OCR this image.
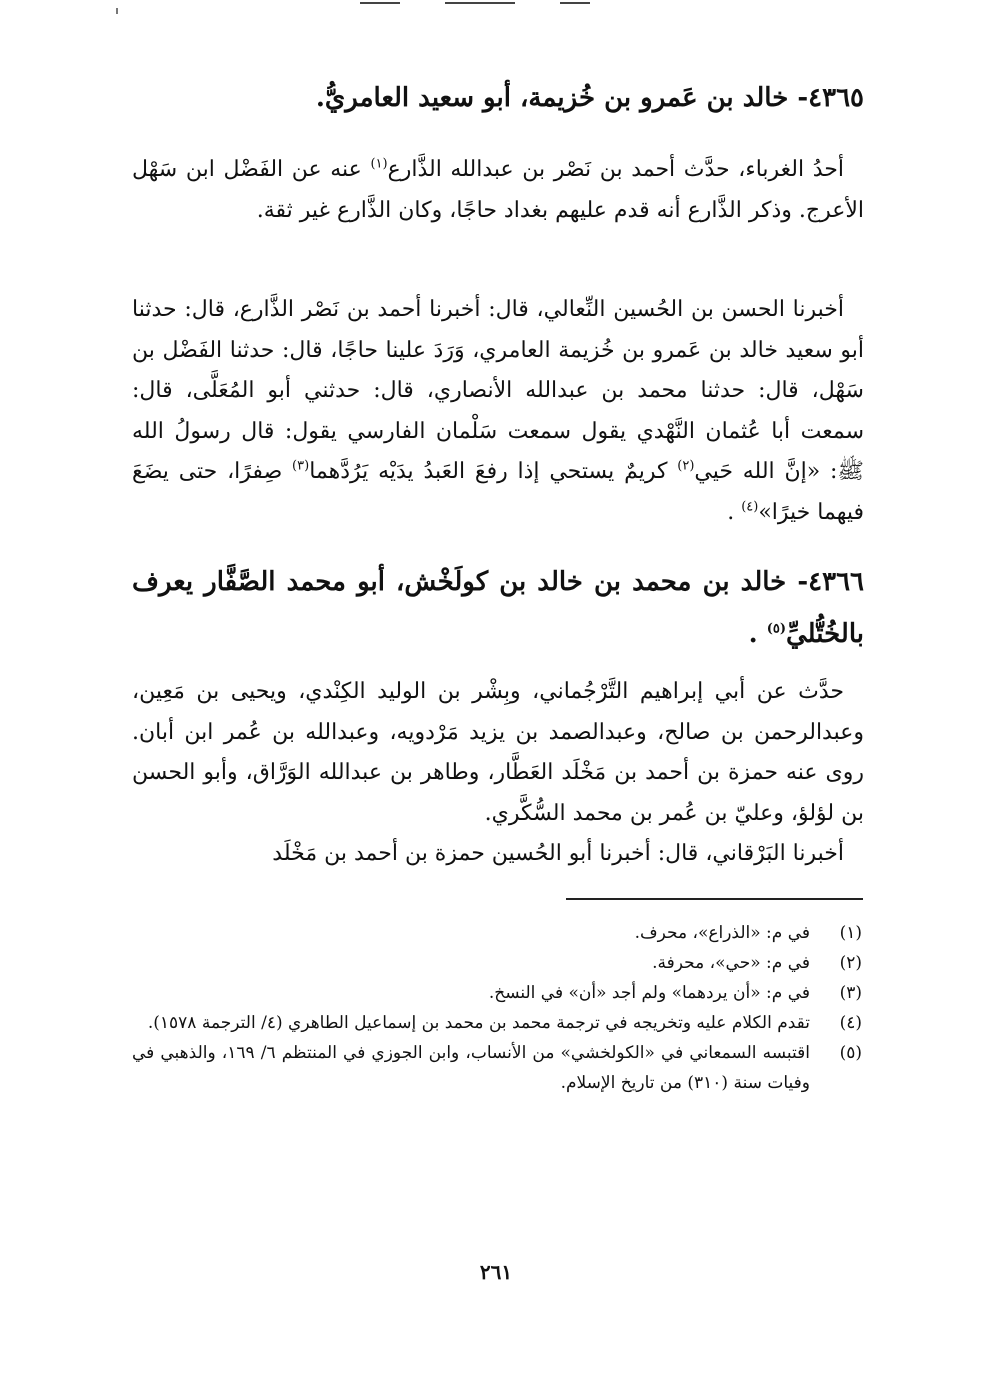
٤٣٦٥- خالد بن عَمرو بن خُزيمة، أبو سعيد العامريُّ.

أحدُ الغرباء، حدَّث أحمد بن نَصْر بن عبدالله الذَّارع$^{(١)}$ عنه عن الفَضْل ابن سَهْل الأعرج. وذكر الذَّارع أنه قدم عليهم بغداد حاجًا، وكان الذَّارع غير ثقة.

أخبرنا الحسن بن الحُسين النِّعالي، قال: أخبرنا أحمد بن نَصْر الذَّارع، قال: حدثنا أبو سعيد خالد بن عَمرو بن خُزيمة العامري، وَرَدَ علينا حاجًا، قال: حدثنا الفَضْل بن سَهْل، قال: حدثنا محمد بن عبدالله الأنصاري، قال: حدثني أبو المُعَلَّى، قال: سمعت أبا عُثمان النَّهْدي يقول سمعت سَلْمان الفارسي يقول: قال رسولُ الله ﷺ: «إنَّ الله حَيي$^{(٢)}$ كريمٌ يستحي إذا رفعَ العَبدُ يدَيْه يَرُدَّهما$^{(٣)}$ صِفرًا، حتى يضَعَ فيهما خيرًا»$^{(٤)}$ .

٤٣٦٦- خالد بن محمد بن خالد بن كولَخْش، أبو محمد الصَّفَّار يعرف بالخُتُّليِّ$^{(٥)}$ .

حدَّث عن أبي إبراهيم التَّرْجُماني، وبِشْر بن الوليد الكِنْدي، ويحيى بن مَعِين، وعبدالرحمن بن صالح، وعبدالصمد بن يزيد مَرْدويه، وعبدالله بن عُمر ابن أبان. روى عنه حمزة بن أحمد بن مَخْلَد العَطَّار، وطاهر بن عبدالله الوَرَّاق، وأبو الحسن بن لؤلؤ، وعليّ بن عُمر بن محمد السُّكَّري.

أخبرنا البَرْقاني، قال: أخبرنا أبو الحُسين حمزة بن أحمد بن مَخْلَد

(١)
في م: «الذراع»، محرف.
(٢)
في م: «حي»، محرفة.
(٣)
في م: «أن يردهما» ولم أجد «أن» في النسخ.
(٤)
تقدم الكلام عليه وتخريجه في ترجمة محمد بن محمد بن إسماعيل الطاهري (٤/ الترجمة ١٥٧٨).
(٥)
اقتبسه السمعاني في «الكولخشي» من الأنساب، وابن الجوزي في المنتظم ٦/ ١٦٩، والذهبي في وفيات سنة (٣١٠) من تاريخ الإسلام.
٢٦١
